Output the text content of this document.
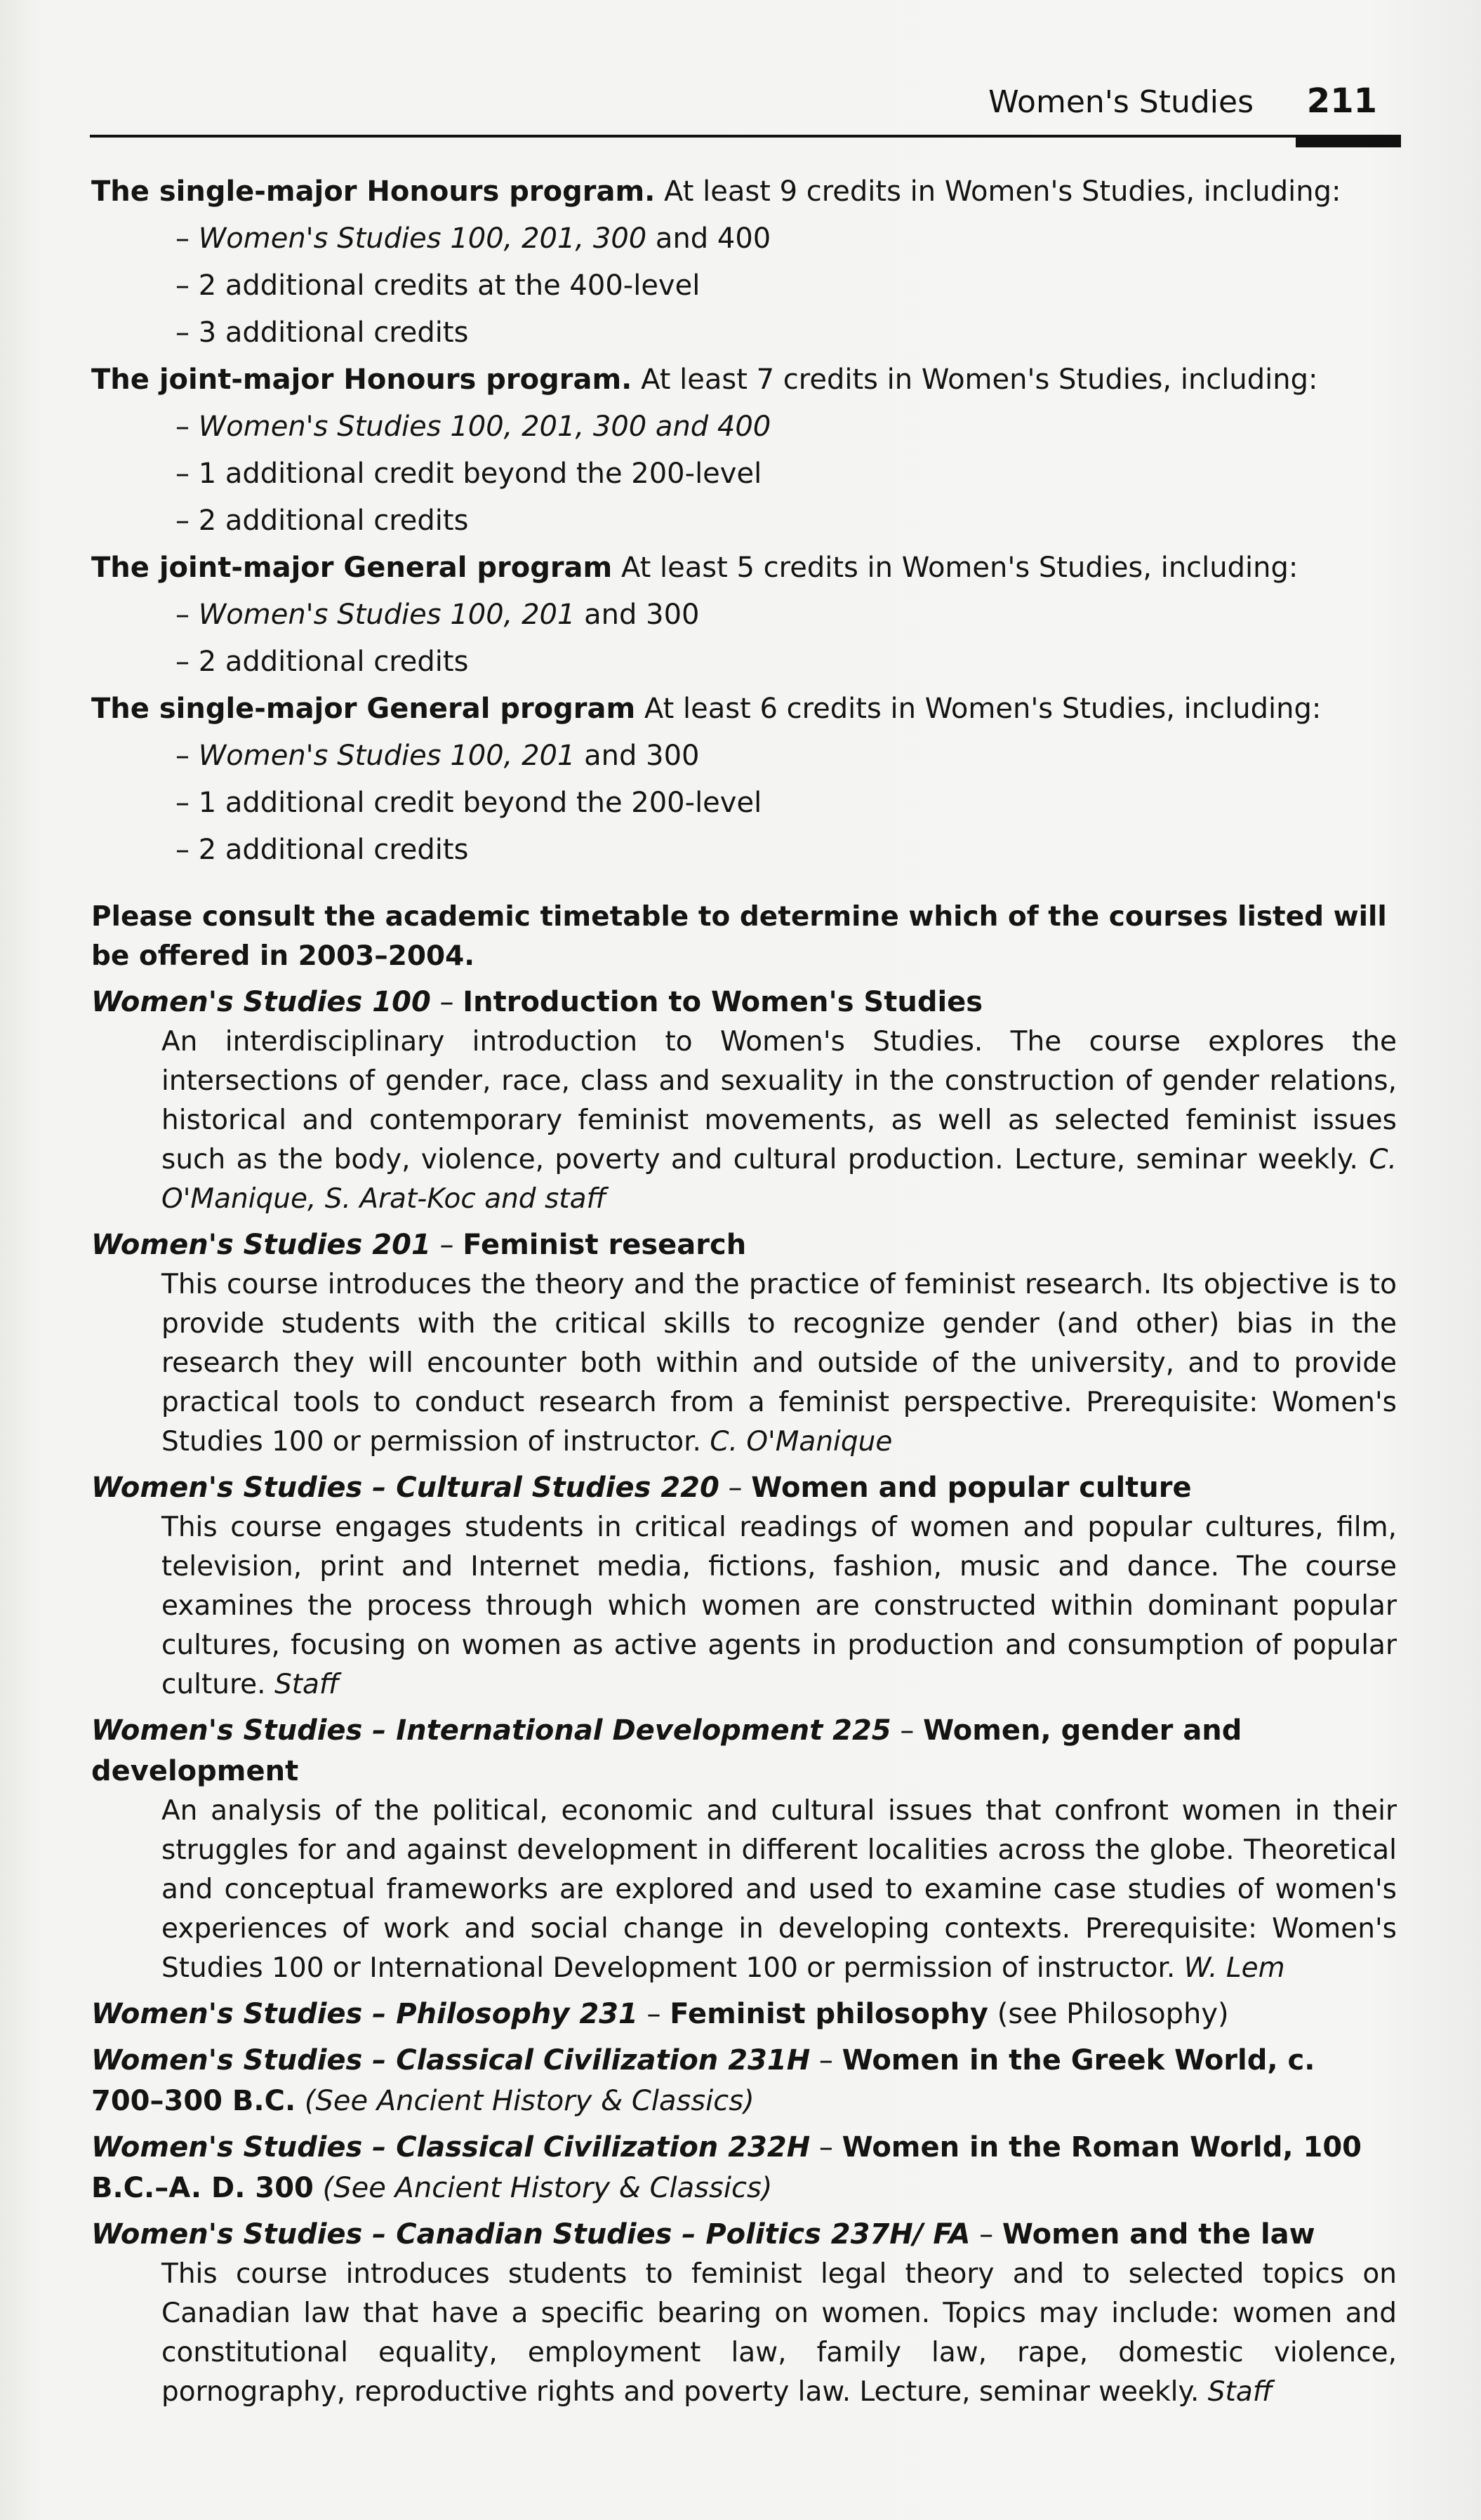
Women's Studies 211
The single-major Honours program. At least 9 credits in Women's Studies, including:
– Women's Studies 100, 201, 300 and 400
– 2 additional credits at the 400-level
– 3 additional credits
The joint-major Honours program. At least 7 credits in Women's Studies, including:
– Women's Studies 100, 201, 300 and 400
– 1 additional credit beyond the 200-level
– 2 additional credits
The joint-major General program At least 5 credits in Women's Studies, including:
– Women's Studies 100, 201 and 300
– 2 additional credits
The single-major General program At least 6 credits in Women's Studies, including:
– Women's Studies 100, 201 and 300
– 1 additional credit beyond the 200-level
– 2 additional credits
Please consult the academic timetable to determine which of the courses listed will be offered in 2003–2004.
Women's Studies 100 – Introduction to Women's Studies
An interdisciplinary introduction to Women's Studies. The course explores the intersections of gender, race, class and sexuality in the construction of gender relations, historical and contemporary feminist movements, as well as selected feminist issues such as the body, violence, poverty and cultural production. Lecture, seminar weekly. C. O'Manique, S. Arat-Koc and staff
Women's Studies 201 – Feminist research
This course introduces the theory and the practice of feminist research. Its objective is to provide students with the critical skills to recognize gender (and other) bias in the research they will encounter both within and outside of the university, and to provide practical tools to conduct research from a feminist perspective. Prerequisite: Women's Studies 100 or permission of instructor. C. O'Manique
Women's Studies – Cultural Studies 220 – Women and popular culture
This course engages students in critical readings of women and popular cultures, film, television, print and Internet media, fictions, fashion, music and dance. The course examines the process through which women are constructed within dominant popular cultures, focusing on women as active agents in production and consumption of popular culture. Staff
Women's Studies – International Development 225 – Women, gender and development
An analysis of the political, economic and cultural issues that confront women in their struggles for and against development in different localities across the globe. Theoretical and conceptual frameworks are explored and used to examine case studies of women's experiences of work and social change in developing contexts. Prerequisite: Women's Studies 100 or International Development 100 or permission of instructor. W. Lem
Women's Studies – Philosophy 231 – Feminist philosophy (see Philosophy)
Women's Studies – Classical Civilization 231H – Women in the Greek World, c. 700–300 B.C. (See Ancient History & Classics)
Women's Studies – Classical Civilization 232H – Women in the Roman World, 100 B.C.–A. D. 300 (See Ancient History & Classics)
Women's Studies – Canadian Studies – Politics 237H/ FA – Women and the law
This course introduces students to feminist legal theory and to selected topics on Canadian law that have a specific bearing on women. Topics may include: women and constitutional equality, employment law, family law, rape, domestic violence, pornography, reproductive rights and poverty law. Lecture, seminar weekly. Staff
